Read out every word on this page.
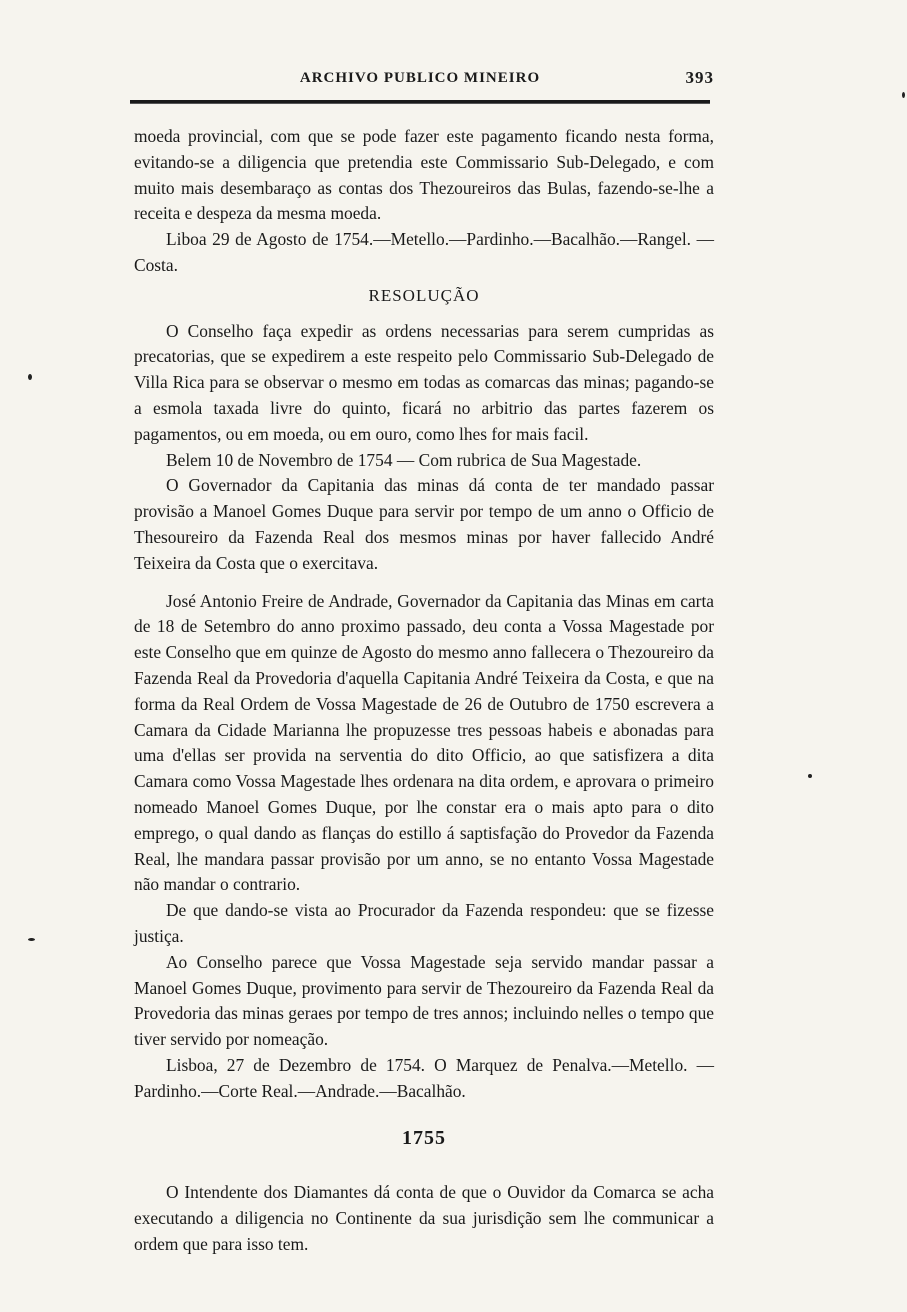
ARCHIVO PUBLICO MINEIRO	393

moeda provincial, com que se pode fazer este pagamento ficando nesta forma, evitando-se a diligencia que pretendia este Commissario Sub-Delegado, e com muito mais desembaraço as contas dos Thezoureiros das Bulas, fazendo-se-lhe a receita e despeza da mesma moeda.

Liboa 29 de Agosto de 1754.—Metello.—Pardinho.—Bacalhão.—Rangel. —Costa.

RESOLUÇÃO

O Conselho faça expedir as ordens necessarias para serem cumpridas as precatorias, que se expedirem a este respeito pelo Commissario Sub-Delegado de Villa Rica para se observar o mesmo em todas as comarcas das minas; pagando-se a esmola taxada livre do quinto, ficará no arbitrio das partes fazerem os pagamentos, ou em moeda, ou em ouro, como lhes for mais facil.

Belem 10 de Novembro de 1754 — Com rubrica de Sua Magestade.

O Governador da Capitania das minas dá conta de ter mandado passar provisão a Manoel Gomes Duque para servir por tempo de um anno o Officio de Thesoureiro da Fazenda Real dos mesmos minas por haver fallecido André Teixeira da Costa que o exercitava.

José Antonio Freire de Andrade, Governador da Capitania das Minas em carta de 18 de Setembro do anno proximo passado, deu conta a Vossa Magestade por este Conselho que em quinze de Agosto do mesmo anno fallecera o Thezoureiro da Fazenda Real da Provedoria d'aquella Capitania André Teixeira da Costa, e que na forma da Real Ordem de Vossa Magestade de 26 de Outubro de 1750 escrevera a Camara da Cidade Marianna lhe propuzesse tres pessoas habeis e abonadas para uma d'ellas ser provida na serventia do dito Officio, ao que satisfizera a dita Camara como Vossa Magestade lhes ordenara na dita ordem, e aprovara o primeiro nomeado Manoel Gomes Duque, por lhe constar era o mais apto para o dito emprego, o qual dando as flanças do estillo á saptisfação do Provedor da Fazenda Real, lhe mandara passar provisão por um anno, se no entanto Vossa Magestade não mandar o contrario.

De que dando-se vista ao Procurador da Fazenda respondeu: que se fizesse justiça.

Ao Conselho parece que Vossa Magestade seja servido mandar passar a Manoel Gomes Duque, provimento para servir de Thezoureiro da Fazenda Real da Provedoria das minas geraes por tempo de tres annos; incluindo nelles o tempo que tiver servido por nomeação.

Lisboa, 27 de Dezembro de 1754. O Marquez de Penalva.—Metello. —Pardinho.—Corte Real.—Andrade.—Bacalhão.

1755

O Intendente dos Diamantes dá conta de que o Ouvidor da Comarca se acha executando a diligencia no Continente da sua jurisdição sem lhe communicar a ordem que para isso tem.
